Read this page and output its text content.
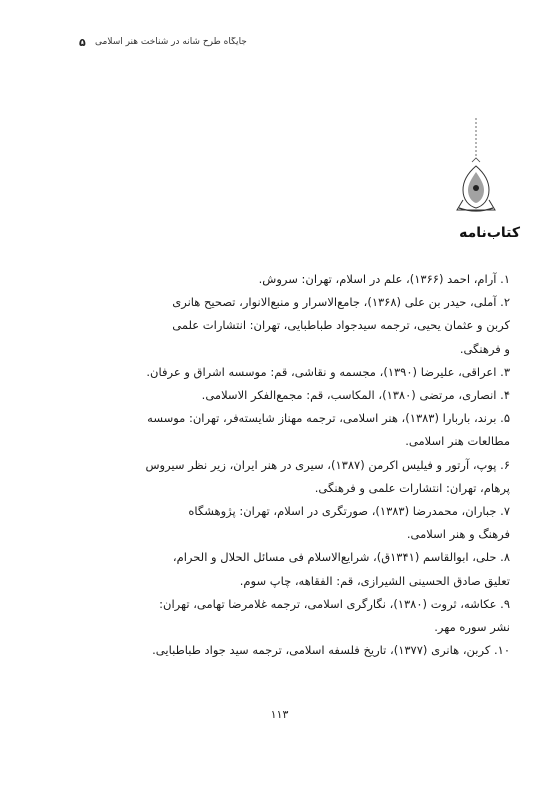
۵ جایگاه طرح شانه در شناخت هنر اسلامی
کتاب‌نامه
۱. آرام، احمد (۱۳۶۶)، علم در اسلام، تهران: سروش.
۲. آملی، حیدر بن علی (۱۳۶۸)، جامع‌الاسرار و منبع‌الانوار، تصحیح هانری
کربن و عثمان یحیی، ترجمه سیدجواد طباطبایی، تهران: انتشارات علمی
و فرهنگی.
۳. اعراقی، علیرضا (۱۳۹۰)، مجسمه و نقاشی، قم: موسسه اشراق و عرفان.
۴. انصاری، مرتضی (۱۳۸۰)، المکاسب، قم: مجمع‌الفکر الاسلامی.
۵. برند، باربارا (۱۳۸۳)، هنر اسلامی، ترجمه مهناز شایسته‌فر، تهران: موسسه
مطالعات هنر اسلامی.
۶. پوپ، آرتور و فیلیس اکرمن (۱۳۸۷)، سیری در هنر ایران، زیر نظر سیروس
پرهام، تهران: انتشارات علمی و فرهنگی.
۷. جباران، محمدرضا (۱۳۸۳)، صورتگری در اسلام، تهران: پژوهشگاه
فرهنگ و هنر اسلامی.
۸. حلی، ابوالقاسم (۱۳۴۱ق)، شرایع‌الاسلام فی مسائل الحلال و الحرام،
تعلیق صادق الحسینی الشیرازی، قم: الفقاهه، چاپ سوم.
۹. عکاشه، ثروت (۱۳۸۰)، نگارگری اسلامی، ترجمه غلامرضا تهامی، تهران:
نشر سوره مهر.
۱۰. کربن، هانری (۱۳۷۷)، تاریخ فلسفه اسلامی، ترجمه سید جواد طباطبایی.
۱۱۳
